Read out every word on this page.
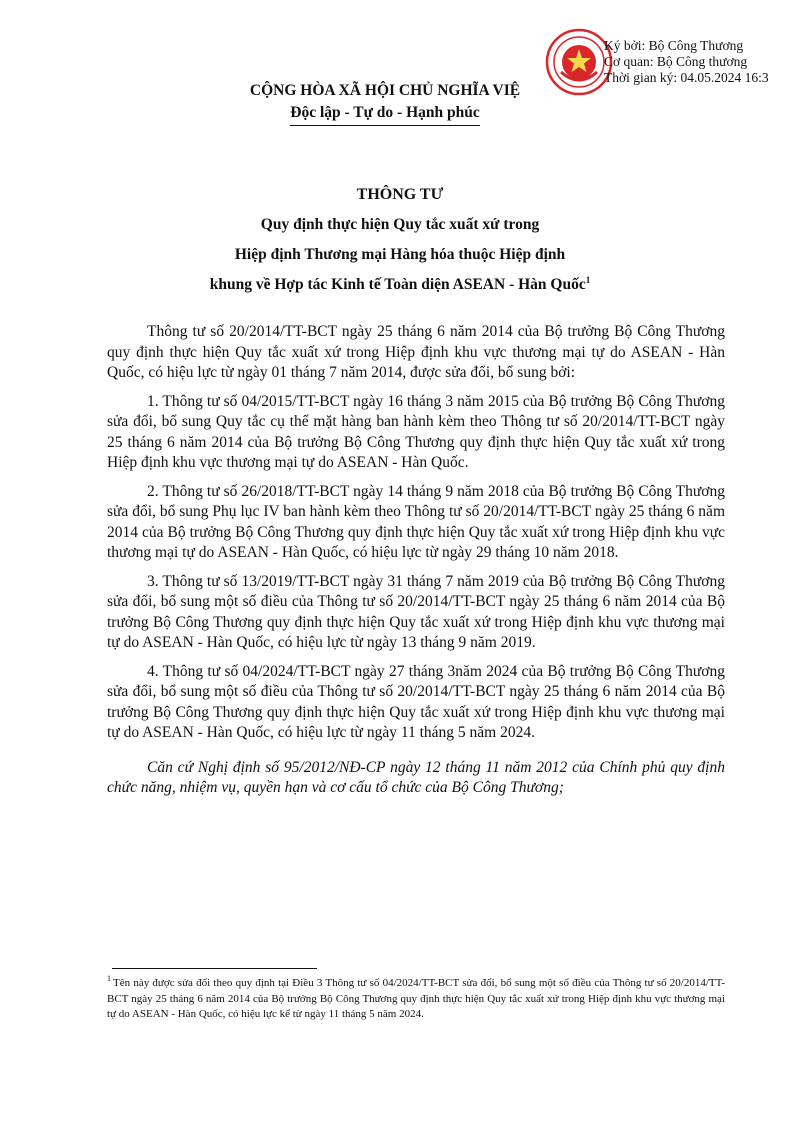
Ký bởi: Bộ Công Thương
Cơ quan: Bộ Công thương
Thời gian ký: 04.05.2024 16:3
CỘNG HÒA XÃ HỘI CHỦ NGHĨA VIỆ
Độc lập - Tự do - Hạnh phúc
THÔNG TƯ
Quy định thực hiện Quy tắc xuất xứ trong
Hiệp định Thương mại Hàng hóa thuộc Hiệp định
khung về Hợp tác Kinh tế Toàn diện ASEAN - Hàn Quốc$^1$

Thông tư số 20/2014/TT-BCT ngày 25 tháng 6 năm 2014 của Bộ trưởng Bộ Công Thương quy định thực hiện Quy tắc xuất xứ trong Hiệp định khu vực thương mại tự do ASEAN - Hàn Quốc, có hiệu lực từ ngày 01 tháng 7 năm 2014, được sửa đổi, bổ sung bởi:

1. Thông tư số 04/2015/TT-BCT ngày 16 tháng 3 năm 2015 của Bộ trưởng Bộ Công Thương sửa đổi, bổ sung Quy tắc cụ thể mặt hàng ban hành kèm theo Thông tư số 20/2014/TT-BCT ngày 25 tháng 6 năm 2014 của Bộ trưởng Bộ Công Thương quy định thực hiện Quy tắc xuất xứ trong Hiệp định khu vực thương mại tự do ASEAN - Hàn Quốc.

2. Thông tư số 26/2018/TT-BCT ngày 14 tháng 9 năm 2018 của Bộ trưởng Bộ Công Thương sửa đổi, bổ sung Phụ lục IV ban hành kèm theo Thông tư số 20/2014/TT-BCT ngày 25 tháng 6 năm 2014 của Bộ trưởng Bộ Công Thương quy định thực hiện Quy tắc xuất xứ trong Hiệp định khu vực thương mại tự do ASEAN - Hàn Quốc, có hiệu lực từ ngày 29 tháng 10 năm 2018.

3. Thông tư số 13/2019/TT-BCT ngày 31 tháng 7 năm 2019 của Bộ trưởng Bộ Công Thương sửa đổi, bổ sung một số điều của Thông tư số 20/2014/TT-BCT ngày 25 tháng 6 năm 2014 của Bộ trưởng Bộ Công Thương quy định thực hiện Quy tắc xuất xứ trong Hiệp định khu vực thương mại tự do ASEAN - Hàn Quốc, có hiệu lực từ ngày 13 tháng 9 năm 2019.

4. Thông tư số 04/2024/TT-BCT ngày 27 tháng 3năm 2024 của Bộ trưởng Bộ Công Thương sửa đổi, bổ sung một số điều của Thông tư số 20/2014/TT-BCT ngày 25 tháng 6 năm 2014 của Bộ trưởng Bộ Công Thương quy định thực hiện Quy tắc xuất xứ trong Hiệp định khu vực thương mại tự do ASEAN - Hàn Quốc, có hiệu lực từ ngày 11 tháng 5 năm 2024.

Căn cứ Nghị định số 95/2012/NĐ-CP ngày 12 tháng 11 năm 2012 của Chính phủ quy định chức năng, nhiệm vụ, quyền hạn và cơ cấu tổ chức của Bộ Công Thương;

$^1$ Tên này được sửa đổi theo quy định tại Điều 3 Thông tư số 04/2024/TT-BCT sửa đổi, bổ sung một số điều của Thông tư số 20/2014/TT-BCT ngày 25 tháng 6 năm 2014 của Bộ trưởng Bộ Công Thương quy định thực hiện Quy tắc xuất xứ trong Hiệp định khu vực thương mại tự do ASEAN - Hàn Quốc, có hiệu lực kể từ ngày 11 tháng 5 năm 2024.
